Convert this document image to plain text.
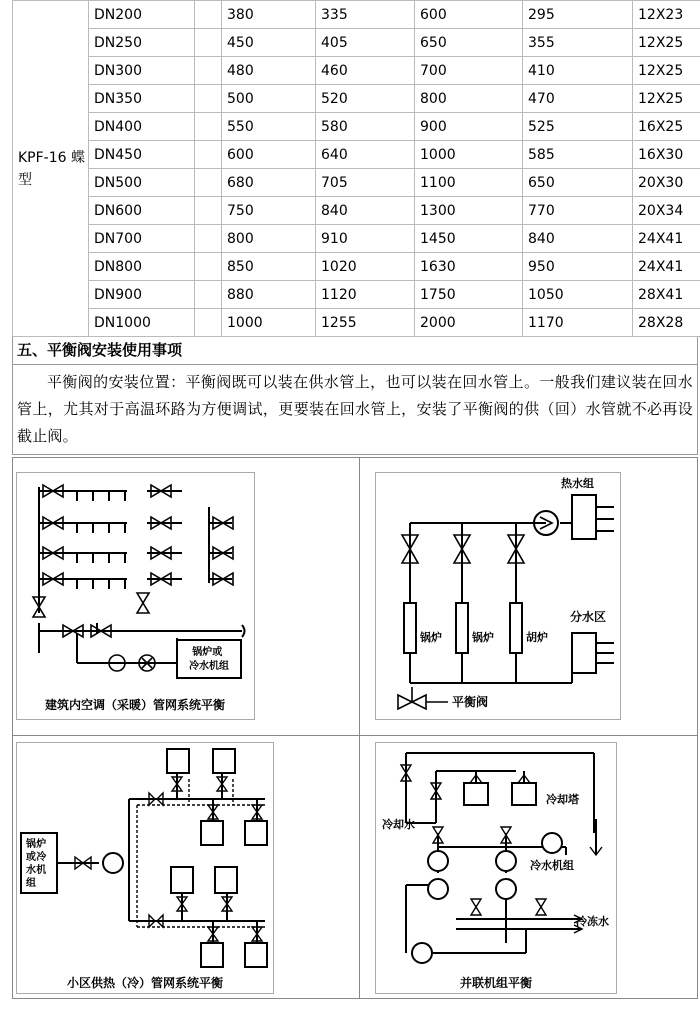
KPF-16 蝶型	DN200		380	335	600	295	12X23
	DN250		450	405	650	355	12X25
	DN300		480	460	700	410	12X25
	DN350		500	520	800	470	12X25
	DN400		550	580	900	525	16X25
	DN450		600	640	1000	585	16X30
	DN500		680	705	1100	650	20X30
	DN600		750	840	1300	770	20X34
	DN700		800	910	1450	840	24X41
	DN800		850	1020	1630	950	24X41
	DN900		880	1120	1750	1050	28X41
	DN1000		1000	1255	2000	1170	28X28
五、平衡阀安装使用事项
平衡阀的安装位置：平衡阀既可以装在供水管上，也可以装在回水管上。一般我们建议装在回水管上，尤其对于高温环路为方便调试，更要装在回水管上，安装了平衡阀的供（回）水管就不必再设截止阀。
锅炉或 冷水机组
建筑内空调（采暖）管网系统平衡
热水组
锅炉	锅炉	胡炉
分水区
平衡阀
锅炉 或冷 水机 组
小区供热（冷）管网系统平衡
冷却塔
冷却水
冷水机组
冷冻水
并联机组平衡
